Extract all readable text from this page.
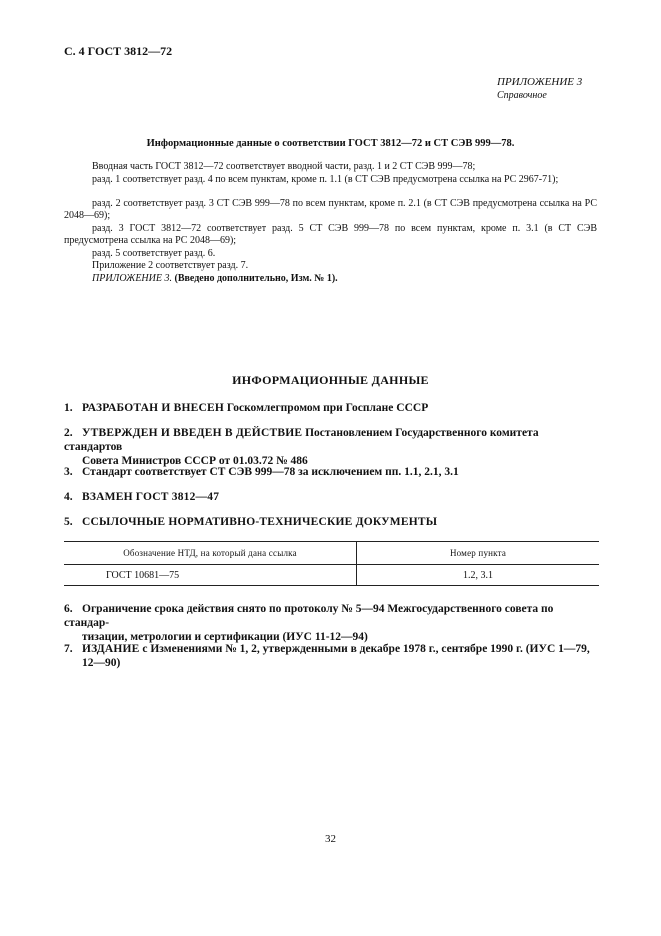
С. 4 ГОСТ 3812—72
ПРИЛОЖЕНИЕ 3
Справочное
Информационные данные о соответствии ГОСТ 3812—72 и СТ СЭВ 999—78.
Вводная часть ГОСТ 3812—72 соответствует вводной части, разд. 1 и 2 СТ СЭВ 999—78;
разд. 1 соответствует разд. 4 по всем пунктам, кроме п. 1.1 (в СТ СЭВ предусмотрена ссылка на РС 2967-71);
разд. 2 соответствует разд. 3 СТ СЭВ 999—78 по всем пунктам, кроме п. 2.1 (в СТ СЭВ предусмотрена ссылка на РС 2048—69);
разд. 3 ГОСТ 3812—72 соответствует разд. 5 СТ СЭВ 999—78 по всем пунктам, кроме п. 3.1 (в СТ СЭВ предусмотрена ссылка на РС 2048—69);
разд. 5 соответствует разд. 6.
Приложение 2 соответствует разд. 7.
ПРИЛОЖЕНИЕ 3. (Введено дополнительно, Изм. № 1).
ИНФОРМАЦИОННЫЕ ДАННЫЕ
1. РАЗРАБОТАН И ВНЕСЕН Госкомлегпромом при Госплане СССР
2. УТВЕРЖДЕН И ВВЕДЕН В ДЕЙСТВИЕ Постановлением Государственного комитета стандартов
Совета Министров СССР от 01.03.72 № 486
3. Стандарт соответствует СТ СЭВ 999—78 за исключением пп. 1.1, 2.1, 3.1
4. ВЗАМЕН ГОСТ 3812—47
5. ССЫЛОЧНЫЕ НОРМАТИВНО-ТЕХНИЧЕСКИЕ ДОКУМЕНТЫ
Обозначение НТД, на который дана ссылка	Номер пункта
ГОСТ 10681—75	1.2, 3.1
6. Ограничение срока действия снято по протоколу № 5—94 Межгосударственного совета по стандар-
тизации, метрологии и сертификации (ИУС 11-12—94)
7. ИЗДАНИЕ с Изменениями № 1, 2, утвержденными в декабре 1978 г., сентябре 1990 г. (ИУС 1—79,
12—90)
32
